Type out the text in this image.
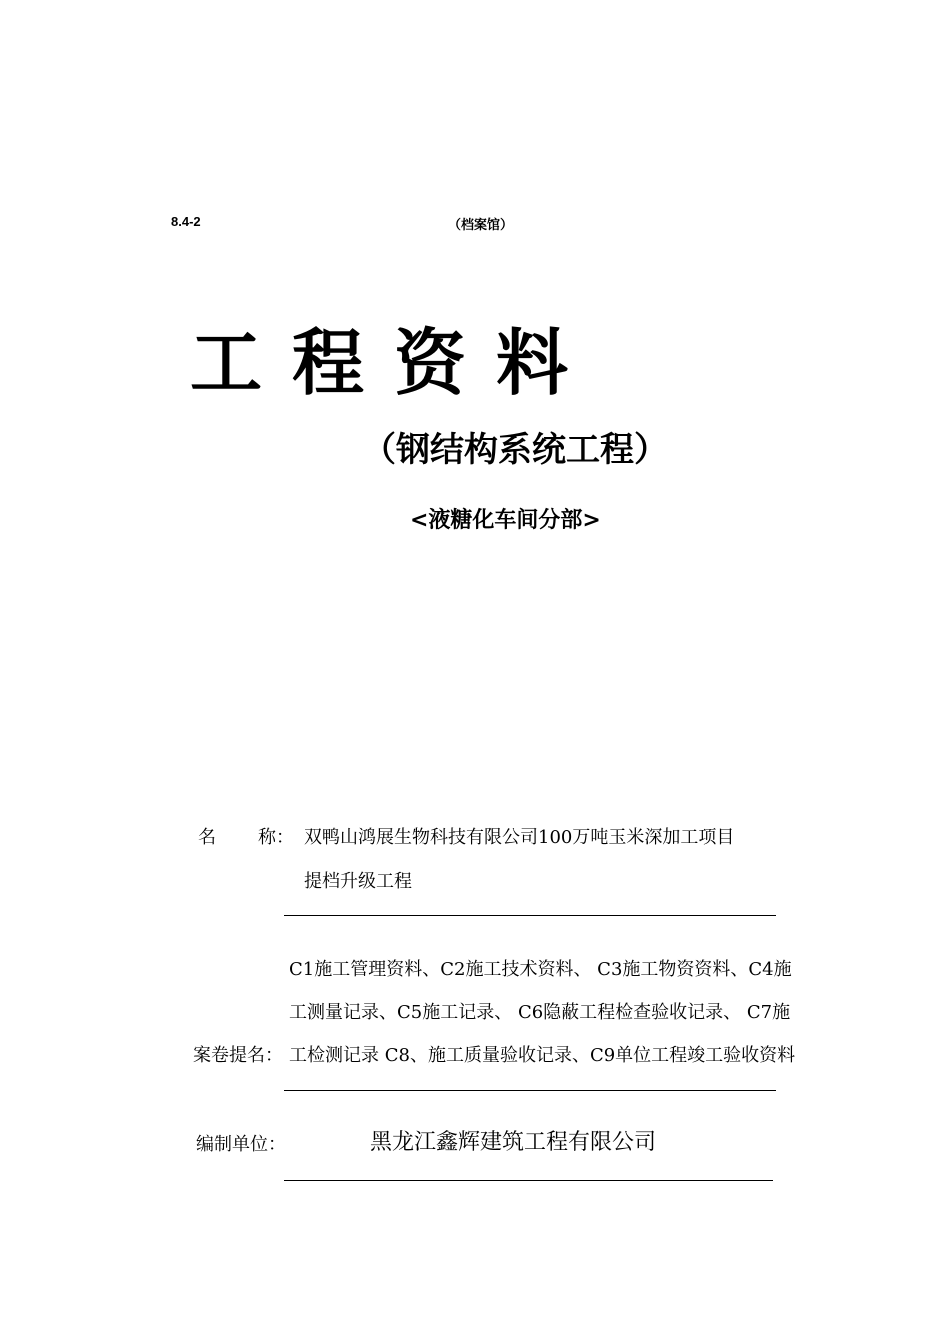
8.4-2	（档案馆）
工程资料
（钢结构系统工程）
<液糖化车间分部>
名 称： 双鸭山鸿展生物科技有限公司100万吨玉米深加工项目
提档升级工程
C1施工管理资料、C2施工技术资料、 C3施工物资资料、C4施
工测量记录、C5施工记录、 C6隐蔽工程检查验收记录、 C7施
案卷提名： 工检测记录 C8、施工质量验收记录、C9单位工程竣工验收资料
编制单位：	黑龙江鑫辉建筑工程有限公司
